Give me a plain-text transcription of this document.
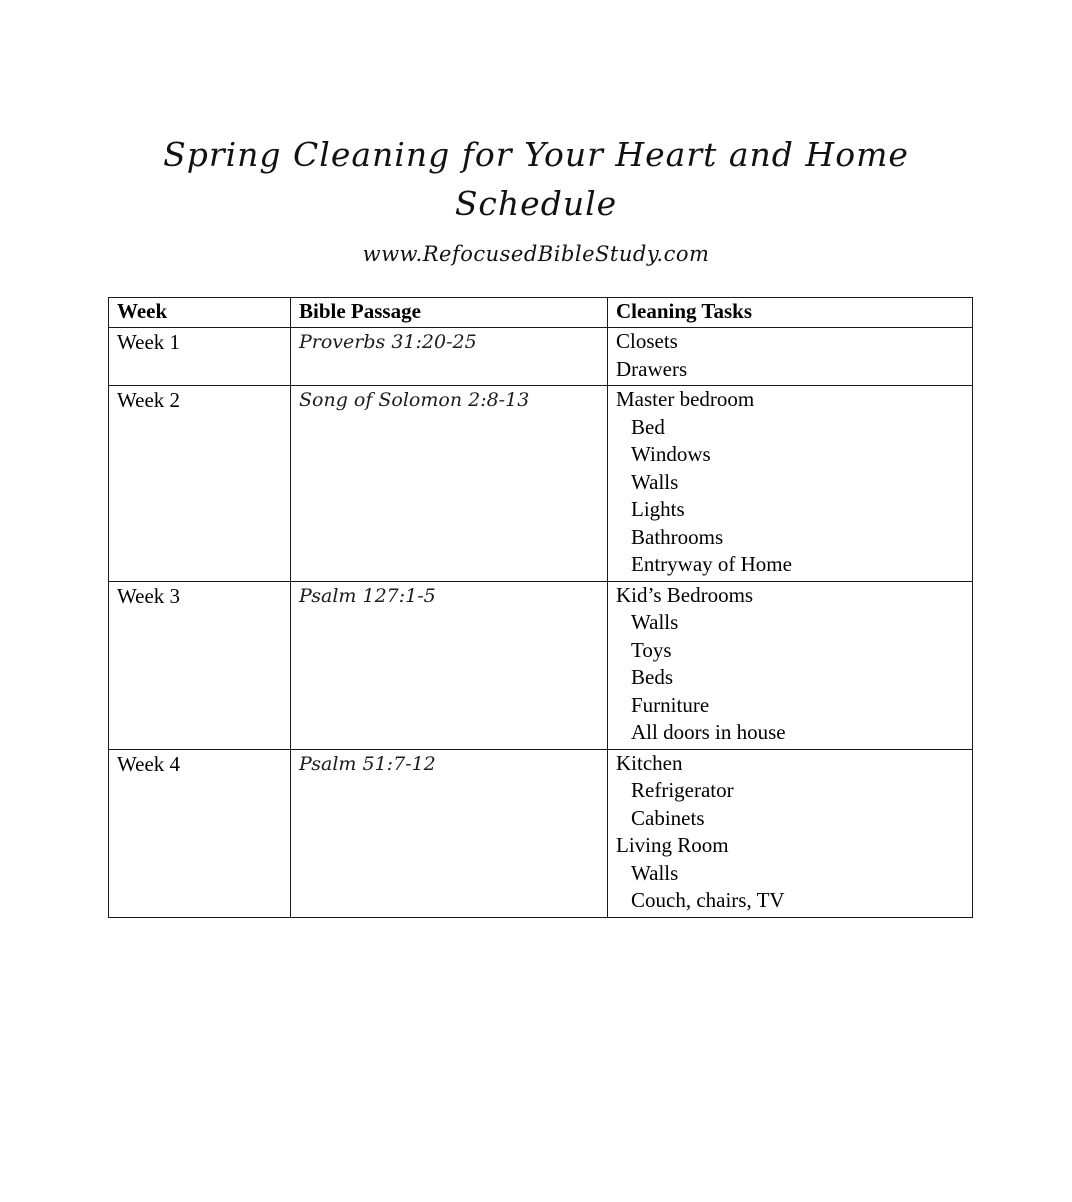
Spring Cleaning for Your Heart and Home
Schedule
www.RefocusedBibleStudy.com
Week	Bible Passage	Cleaning Tasks
Week 1	Proverbs 31:20-25	Closets
Drawers

Week 2	Song of Solomon 2:8-13	Master bedroom
Bed
Windows
Walls
Lights
Bathrooms
Entryway of Home

Week 3	Psalm 127:1-5	Kid’s Bedrooms
Walls
Toys
Beds
Furniture
All doors in house

Week 4	Psalm 51:7-12	Kitchen
Refrigerator
Cabinets
Living Room
Walls
Couch, chairs, TV
